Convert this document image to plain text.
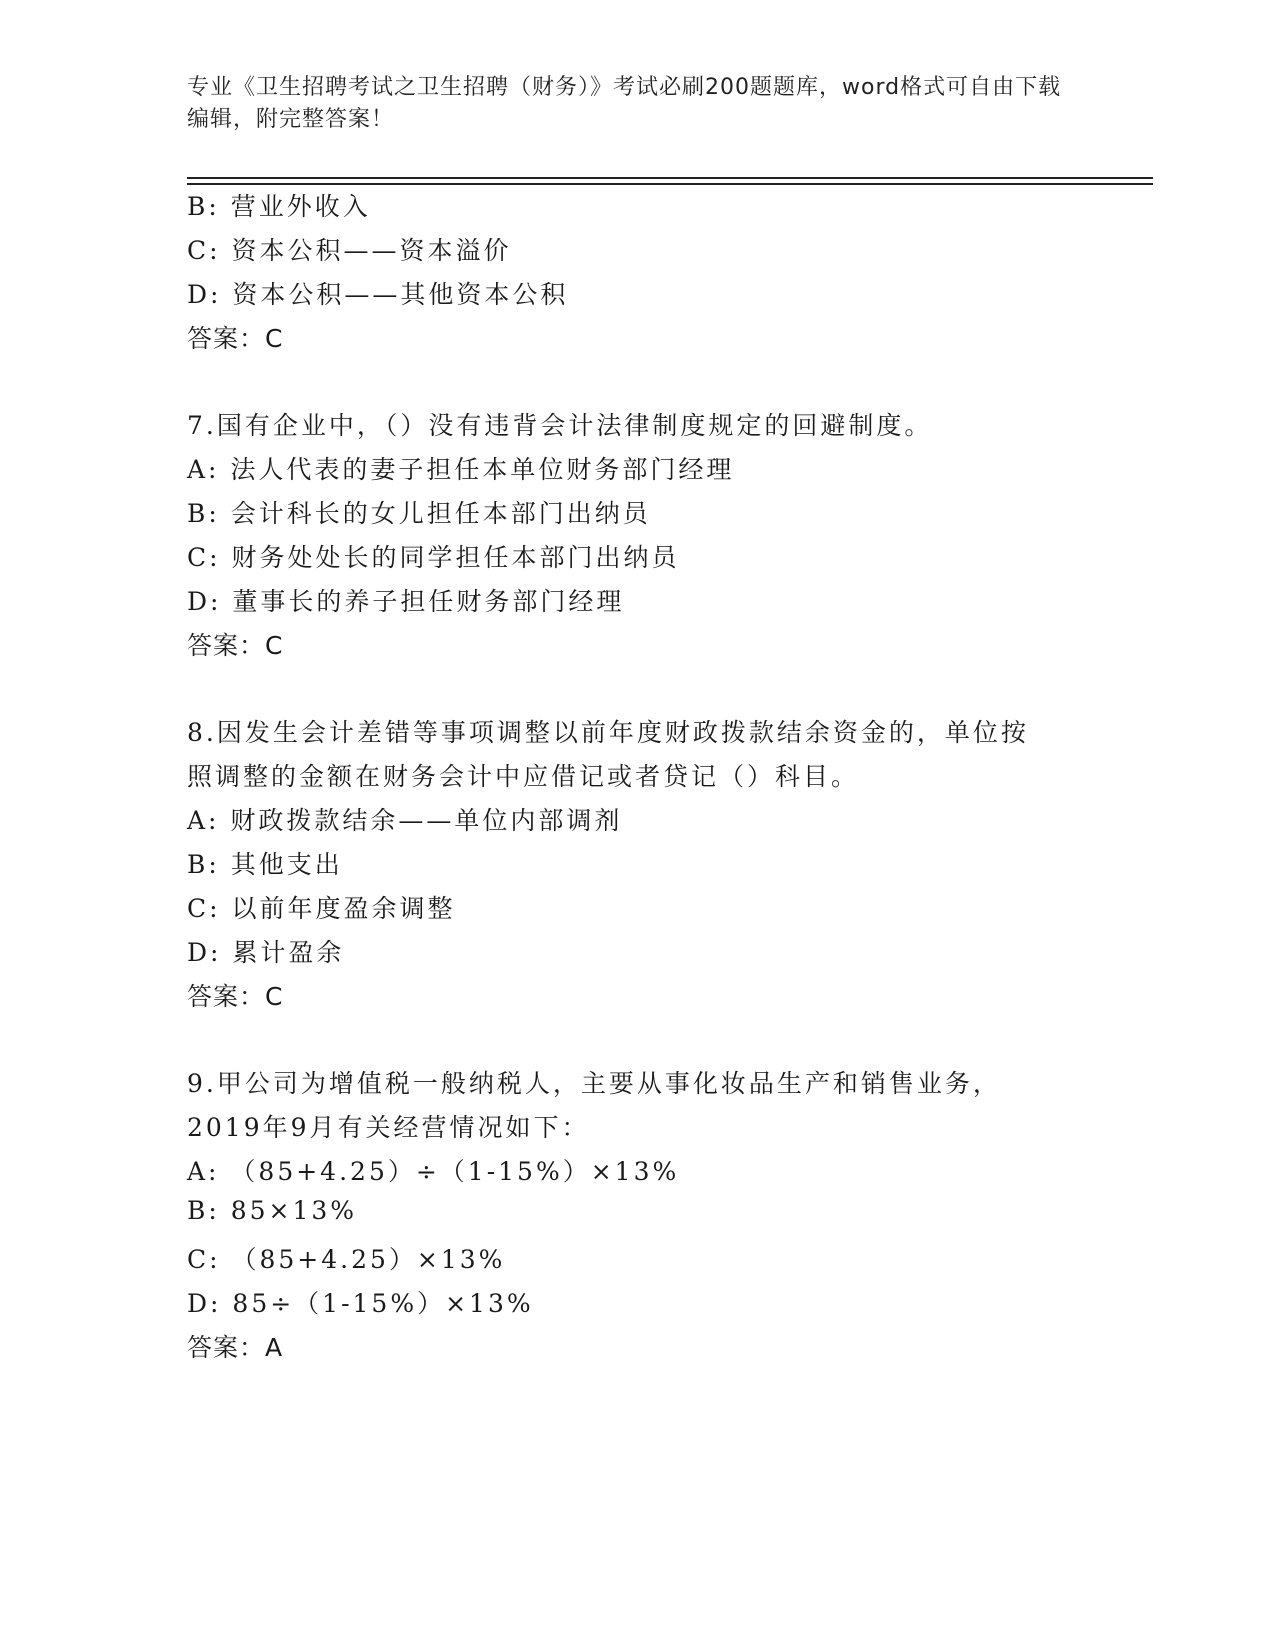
专业《卫生招聘考试之卫生招聘（财务）》考试必刷200题题库，word格式可自由下载编辑，附完整答案！
B: 营业外收入
C: 资本公积——资本溢价
D: 资本公积——其他资本公积
答案：C
7.国有企业中，（）没有违背会计法律制度规定的回避制度。
A: 法人代表的妻子担任本单位财务部门经理
B: 会计科长的女儿担任本部门出纳员
C: 财务处处长的同学担任本部门出纳员
D: 董事长的养子担任财务部门经理
答案：C
8.因发生会计差错等事项调整以前年度财政拨款结余资金的，单位按
照调整的金额在财务会计中应借记或者贷记（）科目。
A: 财政拨款结余——单位内部调剂
B: 其他支出
C: 以前年度盈余调整
D: 累计盈余
答案：C
9.甲公司为增值税一般纳税人，主要从事化妆品生产和销售业务，
2019年9月有关经营情况如下：
A: （85+4.25）÷（1-15%）×13%
B: 85×13%
C: （85+4.25）×13%
D: 85÷（1-15%）×13%
答案：A
